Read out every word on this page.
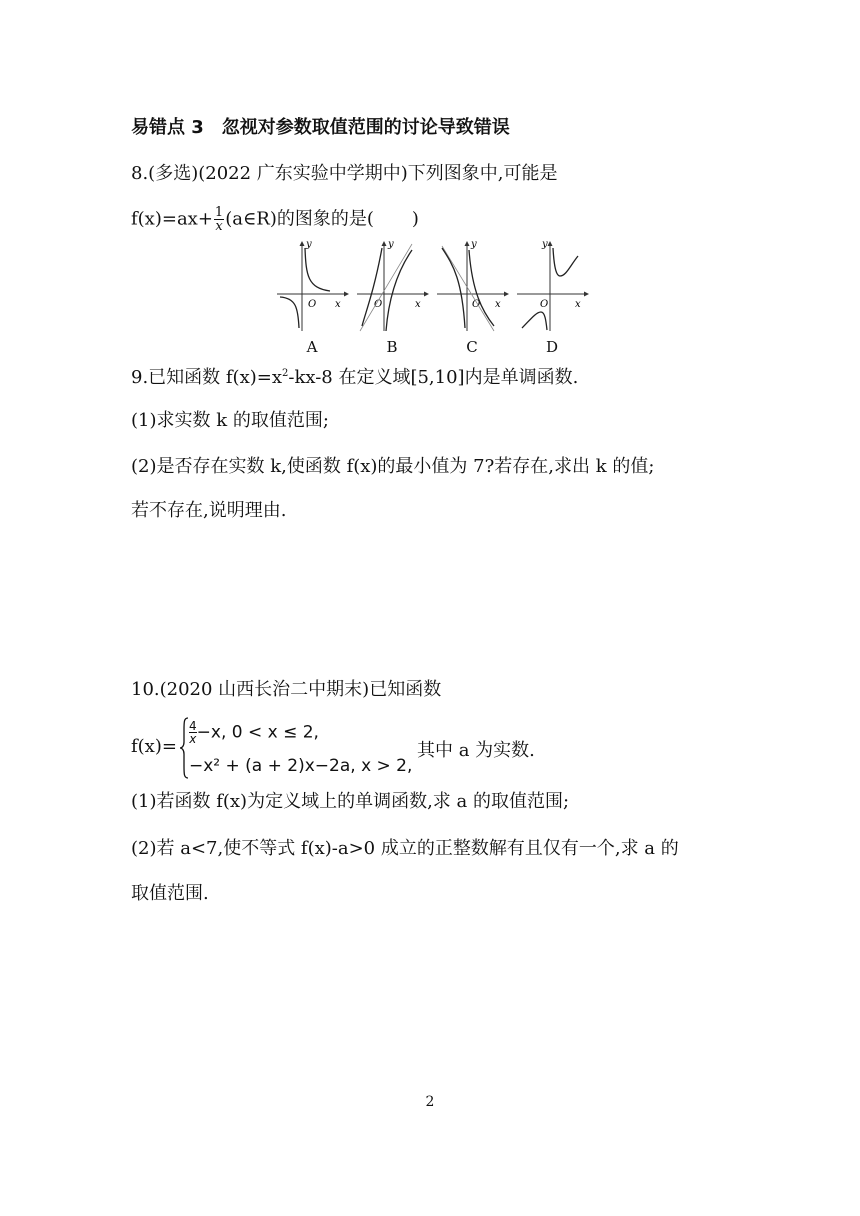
易错点 3　忽视对参数取值范围的讨论导致错误
8.(多选)(2022 广东实验中学期中)下列图象中,可能是
$f(x)=ax+ \frac{1}{x}$ (a∈R)的图象的是( )
y
x
O
A
y
x
O
B
y
x
O
C
y
x
O
D
9.已知函数 $f(x)=x^2-kx-8$ 在定义域[5,10]内是单调函数.
(1)求实数 k 的取值范围;
(2)是否存在实数 k,使函数 f(x)的最小值为 7?若存在,求出 k 的值;
若不存在,说明理由.
10.(2020 山西长治二中期末)已知函数
f(x)=
$\frac{4}{x} -x$, 0 < x ≤ 2,
−x² + (a + 2)x−2a, x > 2,
其中 a 为实数.
(1)若函数 f(x)为定义域上的单调函数,求 a 的取值范围;
(2)若 a<7,使不等式 f(x)-a>0 成立的正整数解有且仅有一个,求 a 的
取值范围.
2
